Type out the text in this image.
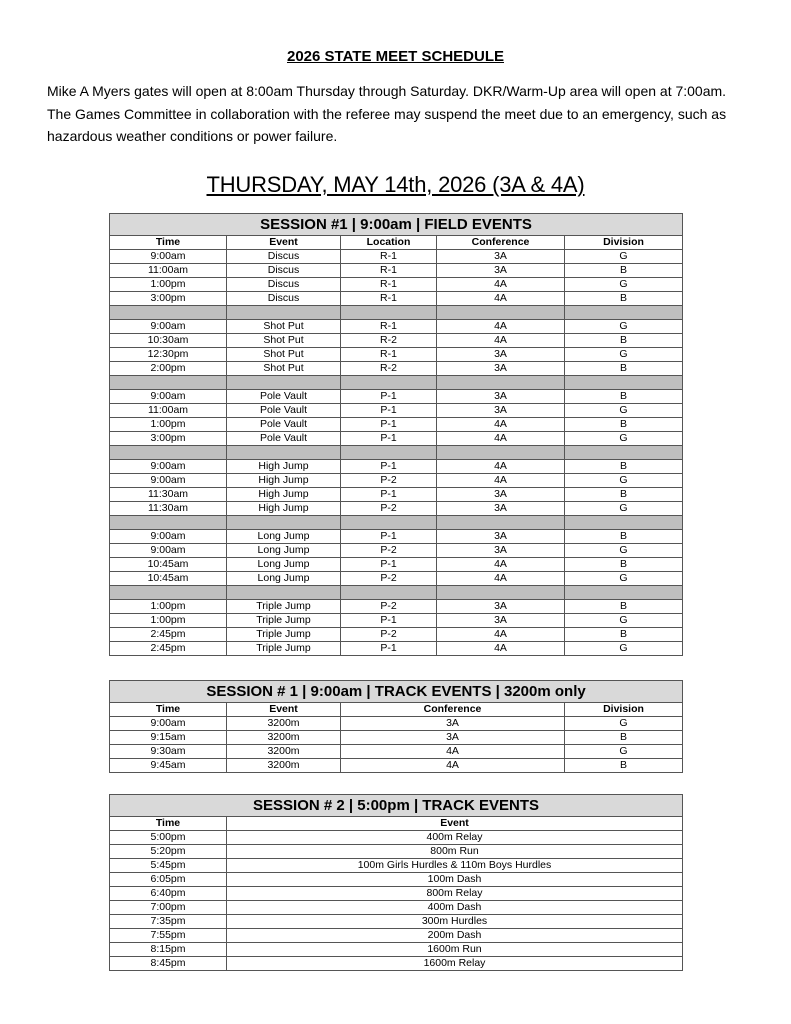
2026 STATE MEET SCHEDULE
Mike A Myers gates will open at 8:00am Thursday through Saturday. DKR/Warm-Up area will open at 7:00am. The Games Committee in collaboration with the referee may suspend the meet due to an emergency, such as hazardous weather conditions or power failure.
THURSDAY, MAY 14th, 2026 (3A & 4A)
SESSION #1 | 9:00am | FIELD EVENTS				
Time	Event	Location	Conference	Division
9:00am	Discus	R-1	3A	G
11:00am	Discus	R-1	3A	B
1:00pm	Discus	R-1	4A	G
3:00pm	Discus	R-1	4A	B

9:00am	Shot Put	R-1	4A	G
10:30am	Shot Put	R-2	4A	B
12:30pm	Shot Put	R-1	3A	G
2:00pm	Shot Put	R-2	3A	B

9:00am	Pole Vault	P-1	3A	B
11:00am	Pole Vault	P-1	3A	G
1:00pm	Pole Vault	P-1	4A	B
3:00pm	Pole Vault	P-1	4A	G

9:00am	High Jump	P-1	4A	B
9:00am	High Jump	P-2	4A	G
11:30am	High Jump	P-1	3A	B
11:30am	High Jump	P-2	3A	G

9:00am	Long Jump	P-1	3A	B
9:00am	Long Jump	P-2	3A	G
10:45am	Long Jump	P-1	4A	B
10:45am	Long Jump	P-2	4A	G

1:00pm	Triple Jump	P-2	3A	B
1:00pm	Triple Jump	P-1	3A	G
2:45pm	Triple Jump	P-2	4A	B
2:45pm	Triple Jump	P-1	4A	G
SESSION # 1 | 9:00am | TRACK EVENTS | 3200m only			
Time	Event	Conference	Division
9:00am	3200m	3A	G
9:15am	3200m	3A	B
9:30am	3200m	4A	G
9:45am	3200m	4A	B
SESSION # 2 | 5:00pm | TRACK EVENTS	
Time	Event
5:00pm	400m Relay
5:20pm	800m Run
5:45pm	100m Girls Hurdles & 110m Boys Hurdles
6:05pm	100m Dash
6:40pm	800m Relay
7:00pm	400m Dash
7:35pm	300m Hurdles
7:55pm	200m Dash
8:15pm	1600m Run
8:45pm	1600m Relay
